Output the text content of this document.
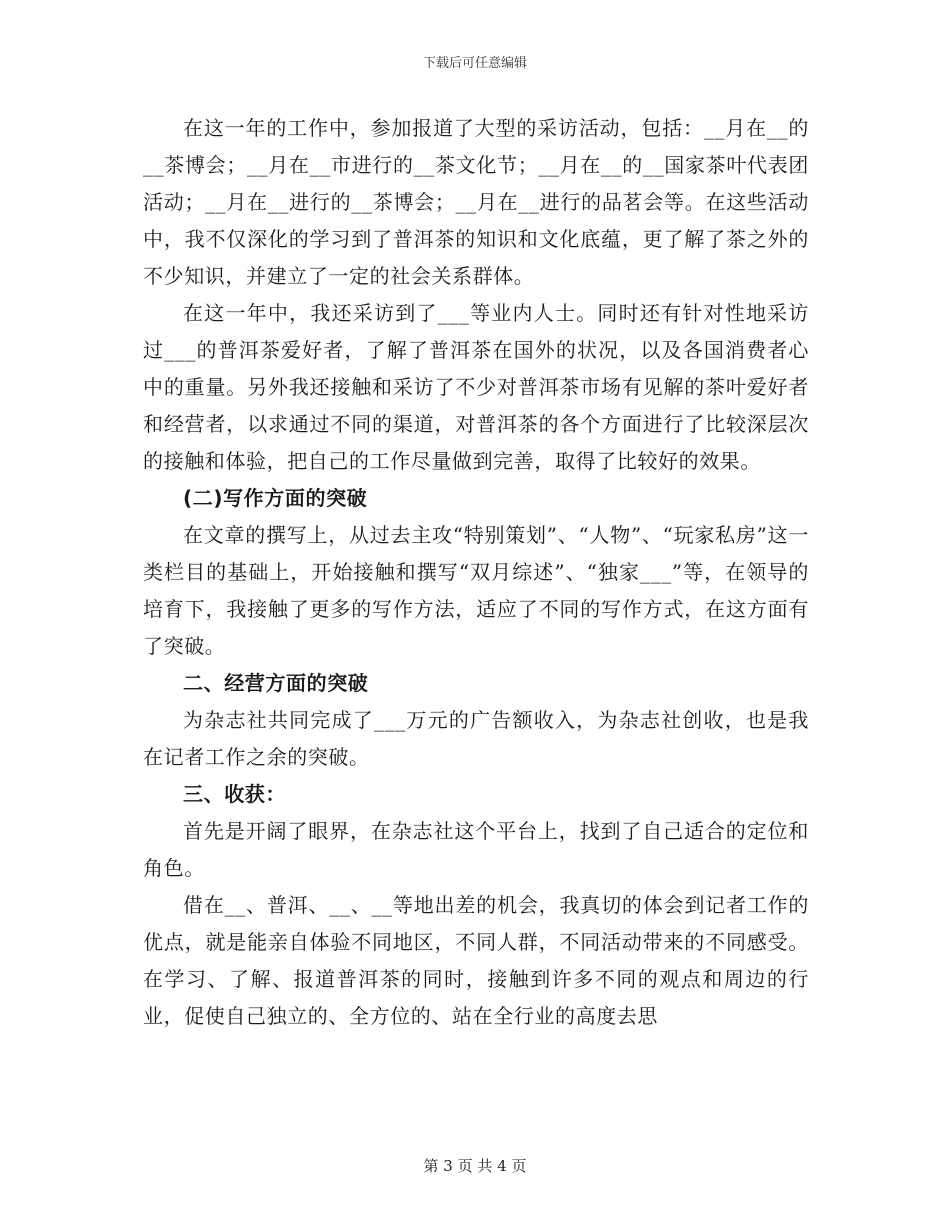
下载后可任意编辑

在这一年的工作中，参加报道了大型的采访活动，包括：__月在__的__茶博会；__月在__市进行的__茶文化节；__月在__的__国家茶叶代表团活动；__月在__进行的__茶博会；__月在__进行的品茗会等。在这些活动中，我不仅深化的学习到了普洱茶的知识和文化底蕴，更了解了茶之外的不少知识，并建立了一定的社会关系群体。

在这一年中，我还采访到了___等业内人士。同时还有针对性地采访过___的普洱茶爱好者，了解了普洱茶在国外的状况，以及各国消费者心中的重量。另外我还接触和采访了不少对普洱茶市场有见解的茶叶爱好者和经营者，以求通过不同的渠道，对普洱茶的各个方面进行了比较深层次的接触和体验，把自己的工作尽量做到完善，取得了比较好的效果。

(二)写作方面的突破

在文章的撰写上，从过去主攻“特别策划”、“人物”、“玩家私房”这一类栏目的基础上，开始接触和撰写“双月综述”、“独家___”等，在领导的培育下，我接触了更多的写作方法，适应了不同的写作方式，在这方面有了突破。

二、经营方面的突破

为杂志社共同完成了___万元的广告额收入，为杂志社创收，也是我在记者工作之余的突破。

三、收获：

首先是开阔了眼界，在杂志社这个平台上，找到了自己适合的定位和角色。

借在__、普洱、__、__等地出差的机会，我真切的体会到记者工作的优点，就是能亲自体验不同地区，不同人群，不同活动带来的不同感受。在学习、了解、报道普洱茶的同时，接触到许多不同的观点和周边的行业，促使自己独立的、全方位的、站在全行业的高度去思

第 3 页 共 4 页
